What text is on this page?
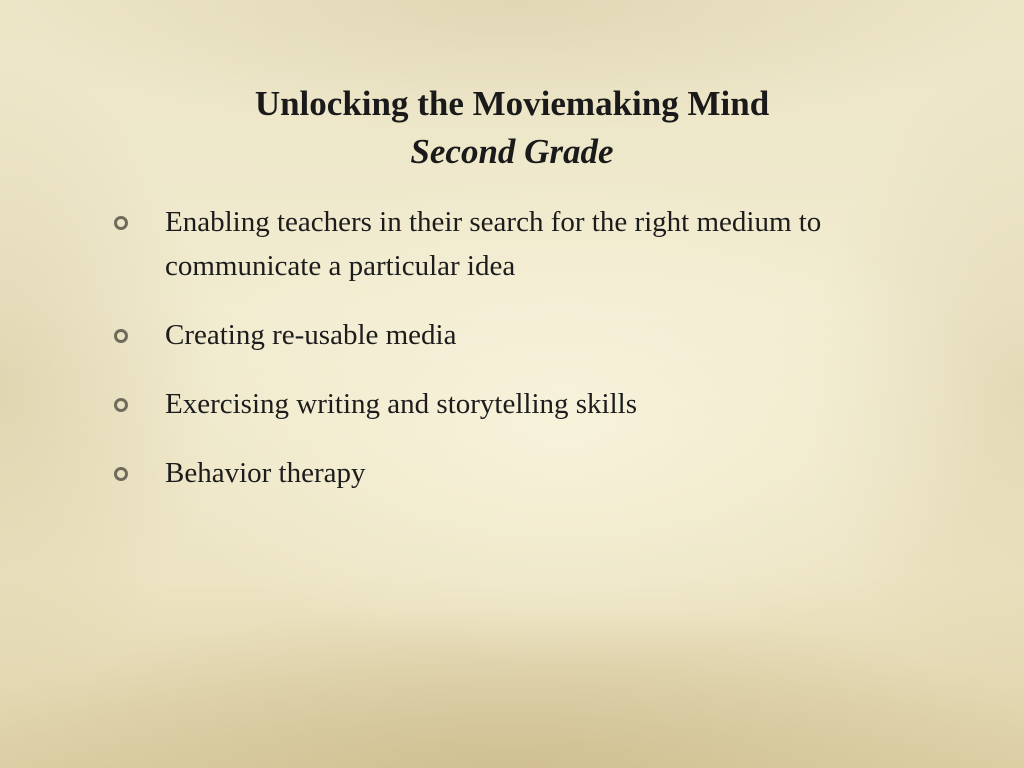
Unlocking the Moviemaking Mind
Second Grade
Enabling teachers in their search for the right medium to communicate a particular idea
Creating re-usable media
Exercising writing and storytelling skills
Behavior therapy
